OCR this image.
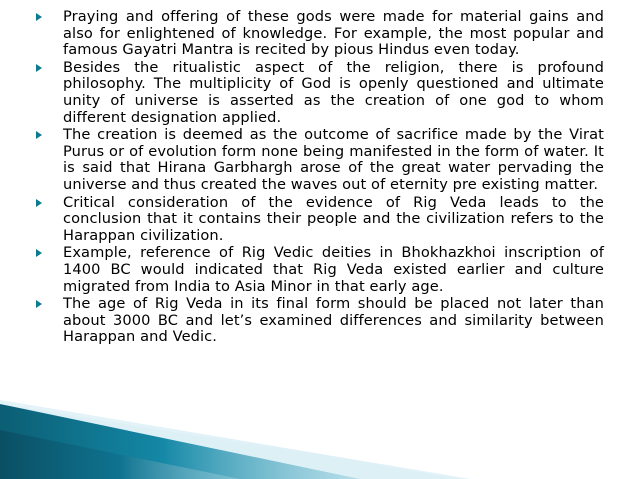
Praying and offering of these gods were made for material gains and also for enlightened of knowledge. For example, the most popular and famous Gayatri Mantra is recited by pious Hindus even today.
Besides the ritualistic aspect of the religion, there is profound philosophy. The multiplicity of God is openly questioned and ultimate unity of universe is asserted as the creation of one god to whom different designation applied.
The creation is deemed as the outcome of sacrifice made by the Virat Purus or of evolution form none being manifested in the form of water. It is said that Hirana Garbhargh arose of the great water pervading the universe and thus created the waves out of eternity pre existing matter.
Critical consideration of the evidence of Rig Veda leads to the conclusion that it contains their people and the civilization refers to the Harappan civilization.
Example, reference of Rig Vedic deities in Bhokhazkhoi inscription of 1400 BC would indicated that Rig Veda existed earlier and culture migrated from India to Asia Minor in that early age.
The age of Rig Veda in its final form should be placed not later than about 3000 BC and let’s examined differences and similarity between Harappan and Vedic.
